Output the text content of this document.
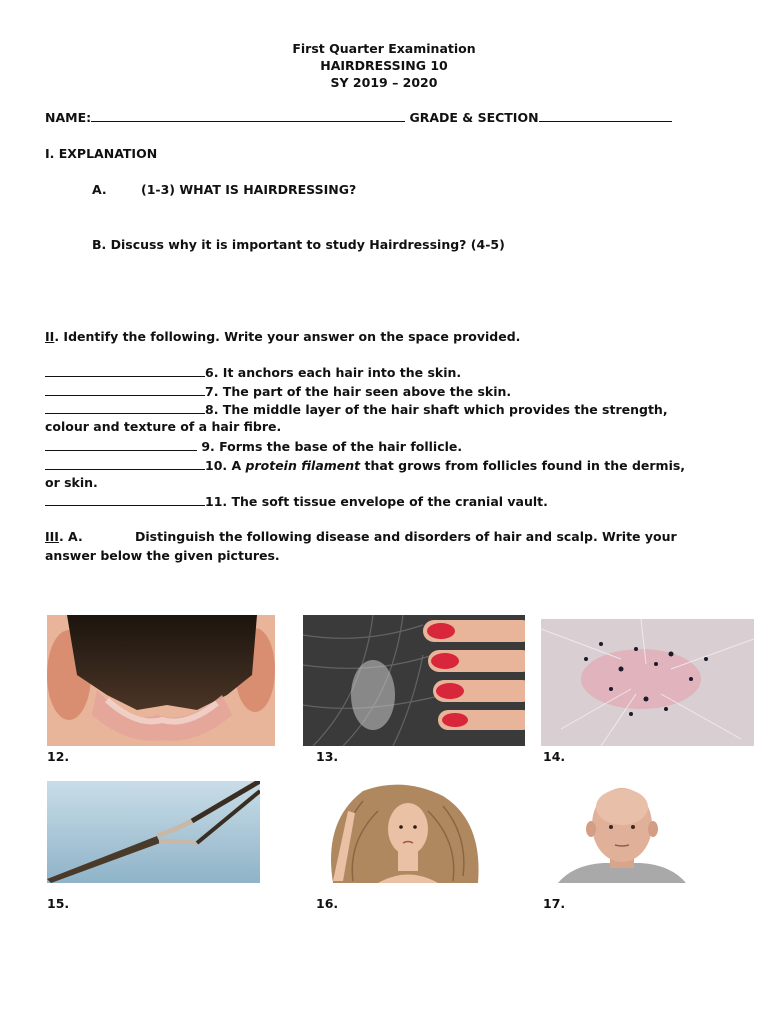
First Quarter Examination
HAIRDRESSING 10
SY 2019 – 2020
NAME:	GRADE & SECTION
I. EXPLANATION
A.	(1-3) WHAT IS HAIRDRESSING?
B. Discuss why it is important to study Hairdressing? (4-5)
II. Identify the following. Write your answer on the space provided.
6. It anchors each hair into the skin.
7. The part of the hair seen above the skin.
8. The middle layer of the hair shaft which provides the strength,
colour and texture of a hair fibre.
9. Forms the base of the hair follicle.
10. A protein filament that grows from follicles found in the dermis,
or skin.
11. The soft tissue envelope of the cranial vault.
III. A.	Distinguish the following disease and disorders of hair and scalp. Write your
answer below the given pictures.
12.	13.	14.
15.	16.	17.
